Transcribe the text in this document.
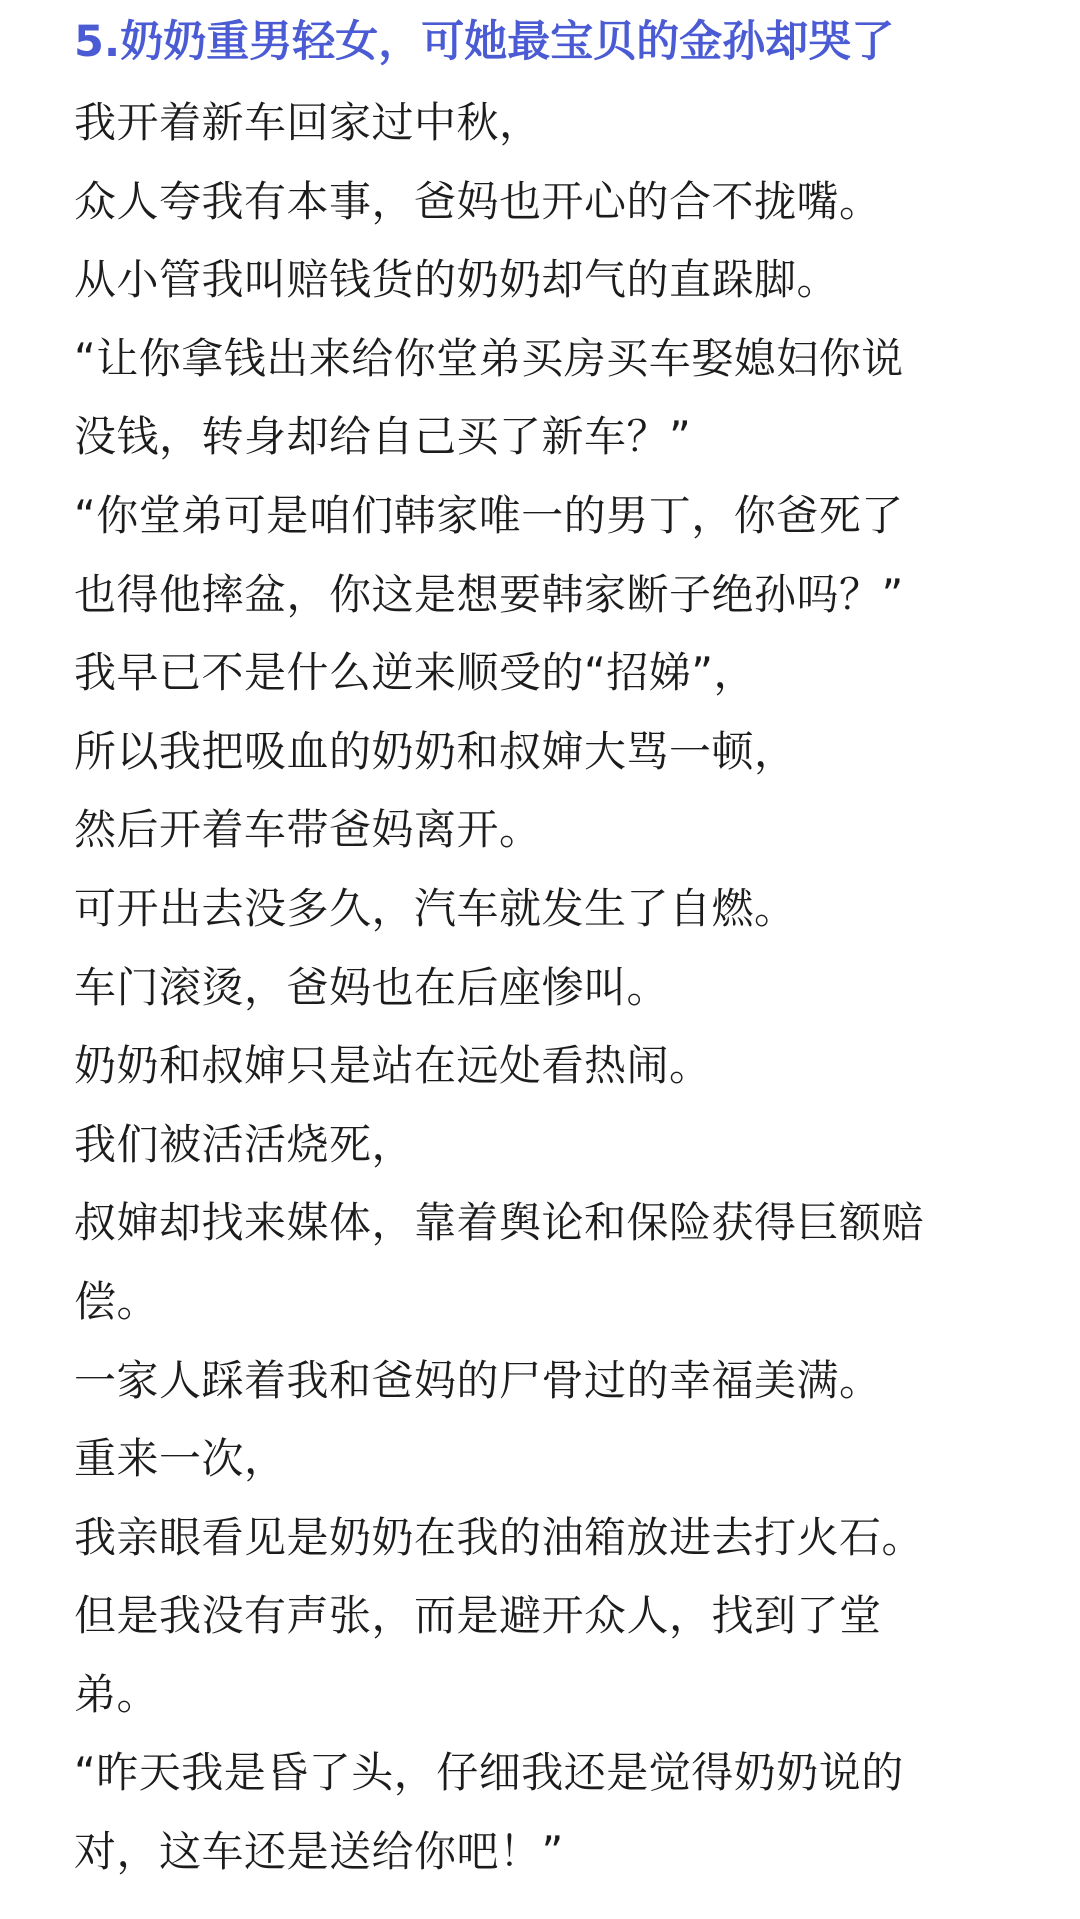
5.奶奶重男轻女，可她最宝贝的金孙却哭了

我开着新车回家过中秋，

众人夸我有本事，爸妈也开心的合不拢嘴。

从小管我叫赔钱货的奶奶却气的直跺脚。

“让你拿钱出来给你堂弟买房买车娶媳妇你说

没钱，转身却给自己买了新车？”

“你堂弟可是咱们韩家唯一的男丁，你爸死了

也得他摔盆，你这是想要韩家断子绝孙吗？”

我早已不是什么逆来顺受的“招娣”，

所以我把吸血的奶奶和叔婶大骂一顿，

然后开着车带爸妈离开。

可开出去没多久，汽车就发生了自燃。

车门滚烫，爸妈也在后座惨叫。

奶奶和叔婶只是站在远处看热闹。

我们被活活烧死，

叔婶却找来媒体，靠着舆论和保险获得巨额赔

偿。

一家人踩着我和爸妈的尸骨过的幸福美满。

重来一次，

我亲眼看见是奶奶在我的油箱放进去打火石。

但是我没有声张，而是避开众人，找到了堂

弟。

“昨天我是昏了头，仔细我还是觉得奶奶说的

对，这车还是送给你吧！”
